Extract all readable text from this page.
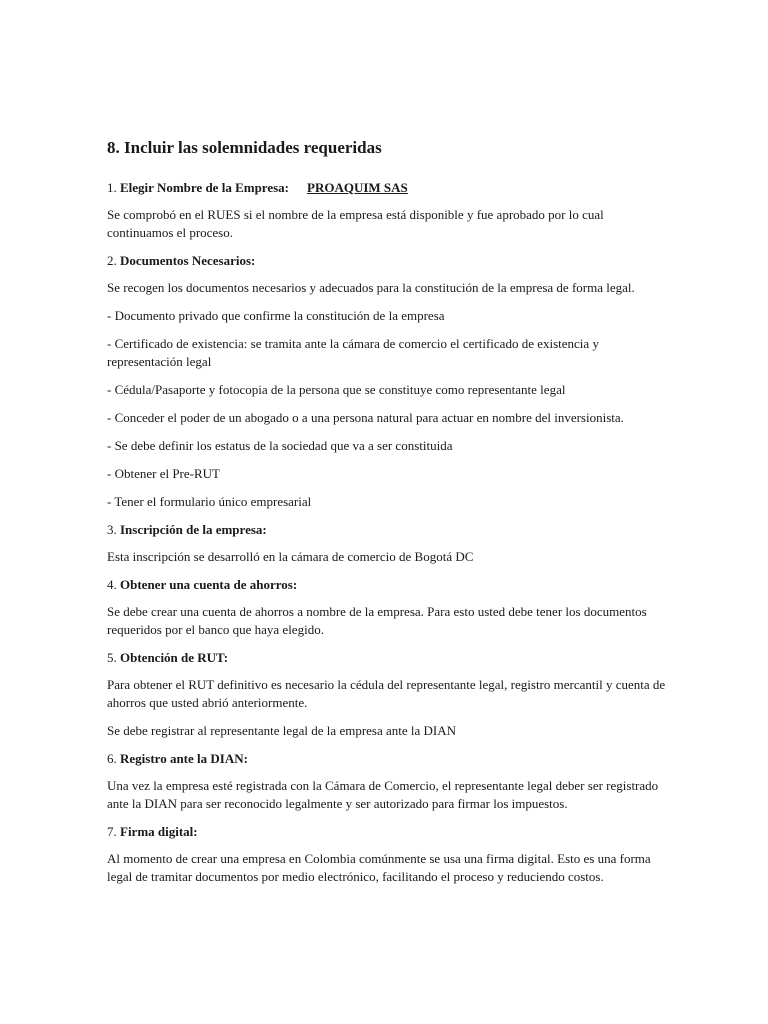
8. Incluir las solemnidades requeridas
1. Elegir Nombre de la Empresa: PROAQUIM SAS
Se comprobó en el RUES si el nombre de la empresa está disponible y fue aprobado por lo cual continuamos el proceso.
2. Documentos Necesarios:
Se recogen los documentos necesarios y adecuados para la constitución de la empresa de forma legal.
- Documento privado que confirme la constitución de la empresa
- Certificado de existencia: se tramita ante la cámara de comercio el certificado de existencia y representación legal
- Cédula/Pasaporte y fotocopia de la persona que se constituye como representante legal
- Conceder el poder de un abogado o a una persona natural para actuar en nombre del inversionista.
- Se debe definir los estatus de la sociedad que va a ser constituida
- Obtener el Pre-RUT
- Tener el formulario único empresarial
3. Inscripción de la empresa:
Esta inscripción se desarrolló en la cámara de comercio de Bogotá DC
4. Obtener una cuenta de ahorros:
Se debe crear una cuenta de ahorros a nombre de la empresa. Para esto usted debe tener los documentos requeridos por el banco que haya elegido.
5. Obtención de RUT:
Para obtener el RUT definitivo es necesario la cédula del representante legal, registro mercantil y cuenta de ahorros que usted abrió anteriormente.
Se debe registrar al representante legal de la empresa ante la DIAN
6. Registro ante la DIAN:
Una vez la empresa esté registrada con la Cámara de Comercio, el representante legal deber ser registrado ante la DIAN para ser reconocido legalmente y ser autorizado para firmar los impuestos.
7. Firma digital:
Al momento de crear una empresa en Colombia comúnmente se usa una firma digital. Esto es una forma legal de tramitar documentos por medio electrónico, facilitando el proceso y reduciendo costos.
